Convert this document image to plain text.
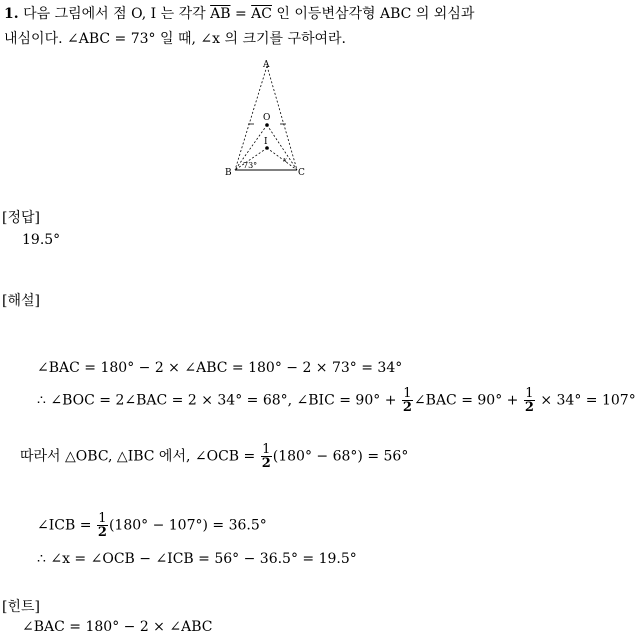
1. 다음 그림에서 점 O, I 는 각각 $\overline{AB} = \overline{AC}$ 인 이등변삼각형 ABC 의 외심과
내심이다. ∠ABC = 73° 일 때, ∠x 의 크기를 구하여라.
A
O
I
B	C
73°
x
[정답]
19.5°
[해설]
∠BAC = 180° − 2 × ∠ABC = 180° − 2 × 73° = 34°
∴ ∠BOC = 2∠BAC = 2 × 34° = 68°, ∠BIC = $90^\circ + \frac{1}{2}$ ∠BAC = $90^\circ + \frac{1}{2} \times 34^\circ = 107^\circ$
따라서 △OBC, △IBC 에서, ∠OCB = $\frac{1}{2} (180^\circ - 68^\circ) = 56^\circ$
∠ICB = $\frac{1}{2} (180^\circ - 107^\circ) = 36.5^\circ$
∴ ∠x = ∠OCB − ∠ICB = 56° − 36.5° = 19.5°
[힌트]
∠BAC = 180° − 2 × ∠ABC
